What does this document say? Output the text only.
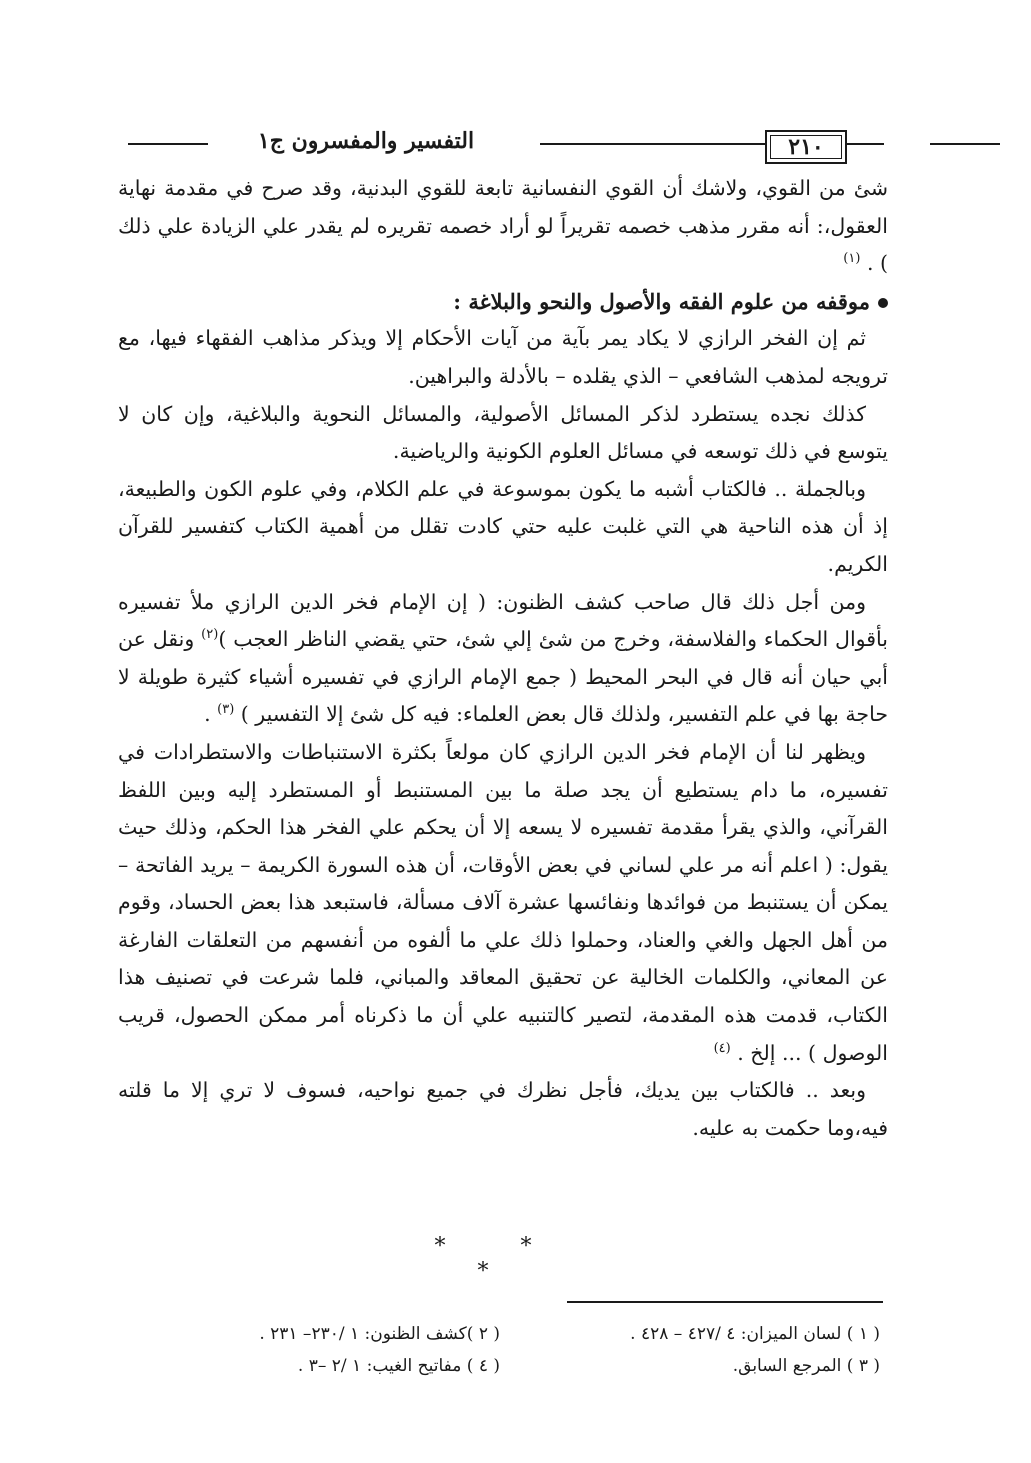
٢١٠
التفسير والمفسرون ج١

شئ من القوي، ولاشك أن القوي النفسانية تابعة للقوي البدنية، وقد صرح في مقدمة نهاية العقول،: أنه مقرر مذهب خصمه تقريراً لو أراد خصمه تقريره لم يقدر علي الزيادة علي ذلك ) . $^{(١)}$

موقفه من علوم الفقه والأصول والنحو والبلاغة :

ثم إن الفخر الرازي لا يكاد يمر بآية من آيات الأحكام إلا ويذكر مذاهب الفقهاء فيها، مع ترويجه لمذهب الشافعي – الذي يقلده – بالأدلة والبراهين.

كذلك نجده يستطرد لذكر المسائل الأصولية، والمسائل النحوية والبلاغية، وإن كان لا يتوسع في ذلك توسعه في مسائل العلوم الكونية والرياضية.

وبالجملة .. فالكتاب أشبه ما يكون بموسوعة في علم الكلام، وفي علوم الكون والطبيعة، إذ أن هذه الناحية هي التي غلبت عليه حتي كادت تقلل من أهمية الكتاب كتفسير للقرآن الكريم.

ومن أجل ذلك قال صاحب كشف الظنون: ( إن الإمام فخر الدين الرازي ملأ تفسيره بأقوال الحكماء والفلاسفة، وخرج من شئ إلي شئ، حتي يقضي الناظر العجب )$^{(٢)}$ ونقل عن أبي حيان أنه قال في البحر المحيط ( جمع الإمام الرازي في تفسيره أشياء كثيرة طويلة لا حاجة بها في علم التفسير، ولذلك قال بعض العلماء: فيه كل شئ إلا التفسير ) $^{(٣)}$ .

ويظهر لنا أن الإمام فخر الدين الرازي كان مولعاً بكثرة الاستنباطات والاستطرادات في تفسيره، ما دام يستطيع أن يجد صلة ما بين المستنبط أو المستطرد إليه وبين اللفظ القرآني، والذي يقرأ مقدمة تفسيره لا يسعه إلا أن يحكم علي الفخر هذا الحكم، وذلك حيث يقول: ( اعلم أنه مر علي لساني في بعض الأوقات، أن هذه السورة الكريمة – يريد الفاتحة – يمكن أن يستنبط من فوائدها ونفائسها عشرة آلاف مسألة، فاستبعد هذا بعض الحساد، وقوم من أهل الجهل والغي والعناد، وحملوا ذلك علي ما ألفوه من أنفسهم من التعلقات الفارغة عن المعاني، والكلمات الخالية عن تحقيق المعاقد والمباني، فلما شرعت في تصنيف هذا الكتاب، قدمت هذه المقدمة، لتصير كالتنبيه علي أن ما ذكرناه أمر ممكن الحصول، قريب الوصول ) ... إلخ . $^{(٤)}$

وبعد .. فالكتاب بين يديك، فأجل نظرك في جميع نواحيه، فسوف لا تري إلا ما قلته فيه،وما حكمت به عليه.

* * *
( ١ ) لسان الميزان: ٤ /٤٢٧ – ٤٢٨ .
( ٢ )كشف الظنون: ١ /٢٣٠– ٢٣١ .
( ٣ ) المرجع السابق.
( ٤ ) مفاتيح الغيب: ١ /٢ –٣ .
